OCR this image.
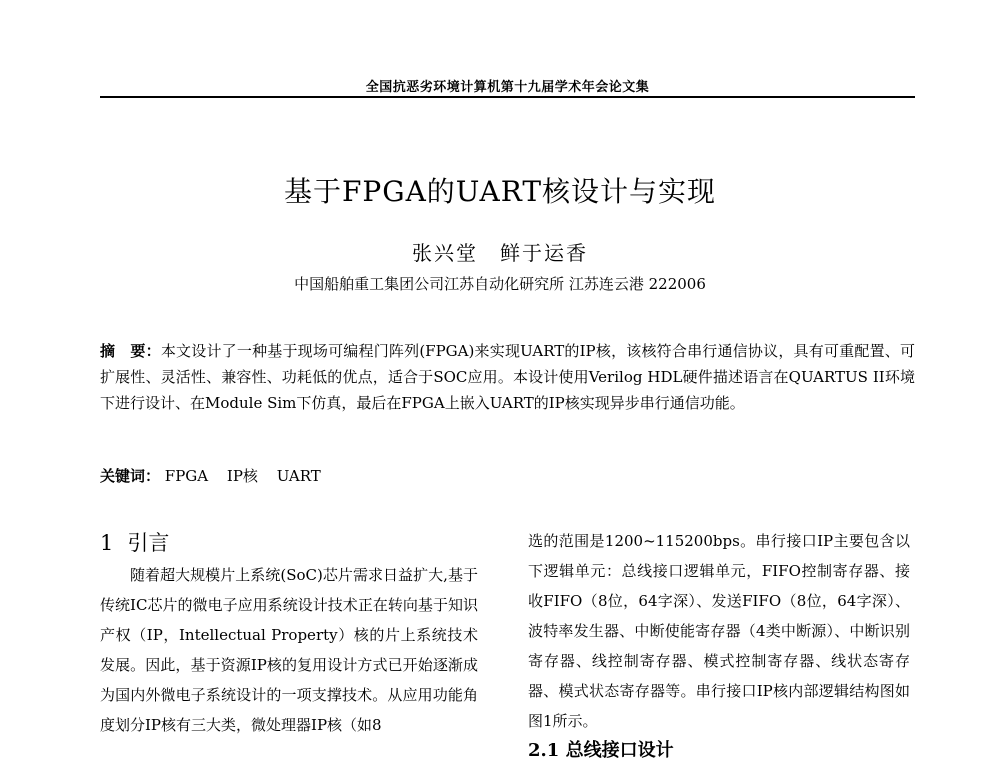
全国抗恶劣环境计算机第十九届学术年会论文集
基于FPGA的UART核设计与实现
张兴堂　鲜于运香
中国船舶重工集团公司江苏自动化研究所 江苏连云港 222006
摘　要：本文设计了一种基于现场可编程门阵列(FPGA)来实现UART的IP核，该核符合串行通信协议，具有可重配置、可扩展性、灵活性、兼容性、功耗低的优点，适合于SOC应用。本设计使用Verilog HDL硬件描述语言在QUARTUS II环境下进行设计、在Module Sim下仿真，最后在FPGA上嵌入UART的IP核实现异步串行通信功能。
关键词： FPGA IP核 UART
1 引言
随着超大规模片上系统(SoC)芯片需求日益扩大,基于传统IC芯片的微电子应用系统设计技术正在转向基于知识产权（IP，Intellectual Property）核的片上系统技术发展。因此，基于资源IP核的复用设计方式已开始逐渐成为国内外微电子系统设计的一项支撑技术。从应用功能角度划分IP核有三大类，微处理器IP核（如8
选的范围是1200~115200bps。串行接口IP主要包含以下逻辑单元：总线接口逻辑单元，FIFO控制寄存器、接收FIFO（8位，64字深）、发送FIFO（8位，64字深）、波特率发生器、中断使能寄存器（4类中断源）、中断识别寄存器、线控制寄存器、模式控制寄存器、线状态寄存器、模式状态寄存器等。串行接口IP核内部逻辑结构图如图1所示。
2.1 总线接口设计
